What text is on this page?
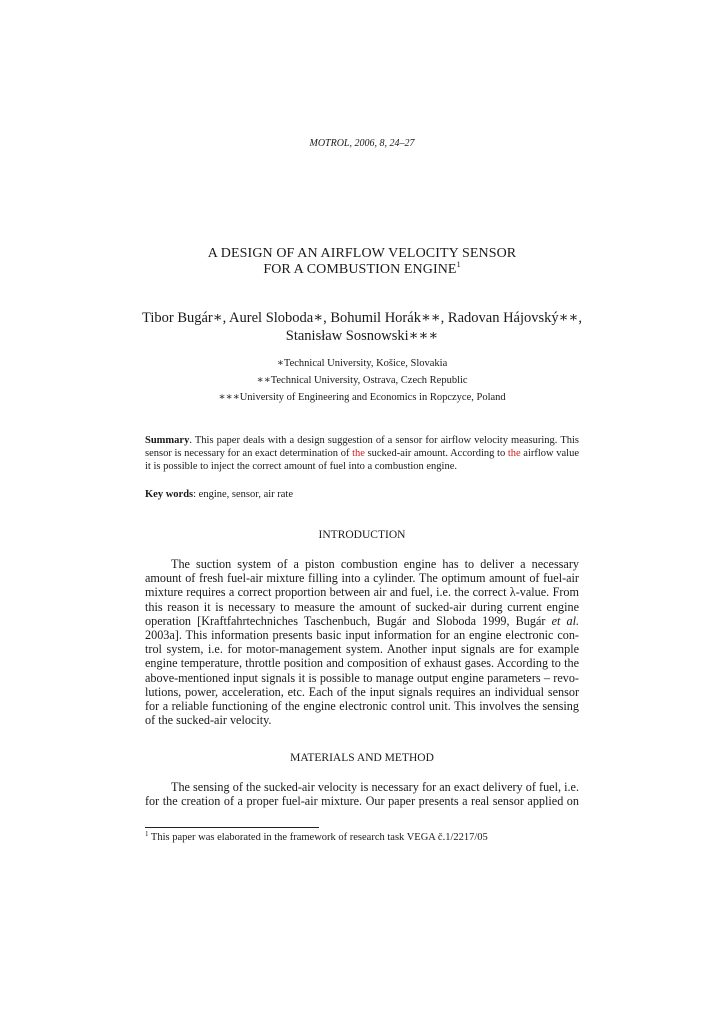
MOTROL, 2006, 8, 24–27
A DESIGN OF AN AIRFLOW VELOCITY SENSOR
FOR A COMBUSTION ENGINE$^1$
Tibor Bugár∗, Aurel Sloboda∗, Bohumil Horák∗∗, Radovan Hájovský∗∗,
Stanisław Sosnowski∗∗∗
∗Technical University, Košice, Slovakia
∗∗Technical University, Ostrava, Czech Republic
∗∗∗University of Engineering and Economics in Ropczyce, Poland
Summary. This paper deals with a design suggestion of a sensor for airflow velocity measuring. This sensor is necessary for an exact determination of the sucked-air amount. According to the airflow value it is possible to inject the correct amount of fuel into a combustion engine.
Key words: engine, sensor, air rate
INTRODUCTION
The suction system of a piston combustion engine has to deliver a necessary
amount of fresh fuel-air mixture filling into a cylinder. The optimum amount of fuel-air
mixture requires a correct proportion between air and fuel, i.e. the correct λ-value. From
this reason it is necessary to measure the amount of sucked-air during current engine
operation [Kraftfahrtechniches Taschenbuch, Bugár and Sloboda 1999, Bugár et al.
2003a]. This information presents basic input information for an engine electronic con-
trol system, i.e. for motor-management system. Another input signals are for example
engine temperature, throttle position and composition of exhaust gases. According to the
above-mentioned input signals it is possible to manage output engine parameters – revo-
lutions, power, acceleration, etc. Each of the input signals requires an individual sensor
for a reliable functioning of the engine electronic control unit. This involves the sensing
of the sucked-air velocity.
MATERIALS AND METHOD
The sensing of the sucked-air velocity is necessary for an exact delivery of fuel, i.e.
for the creation of a proper fuel-air mixture. Our paper presents a real sensor applied on
$^1$ This paper was elaborated in the framework of research task VEGA č.1/2217/05
